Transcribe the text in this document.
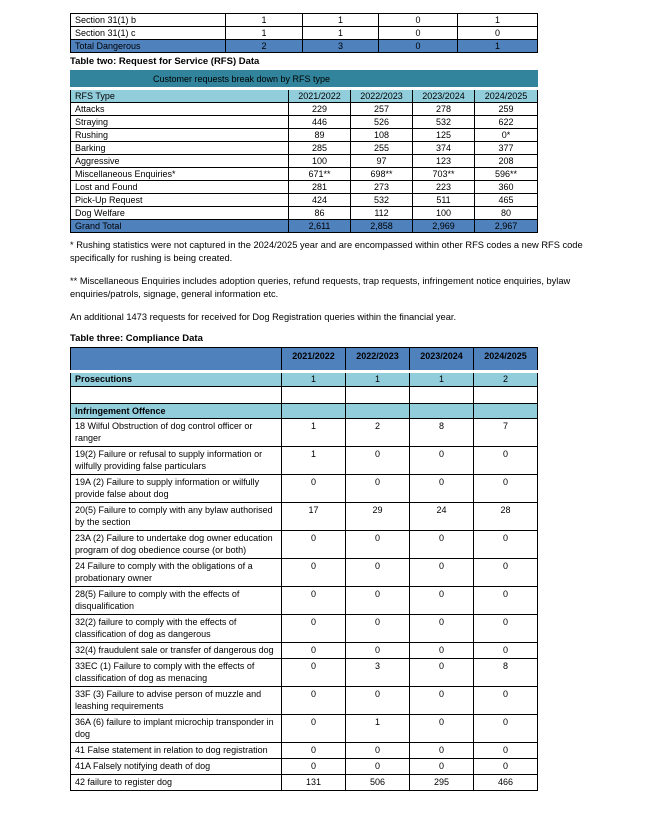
Section 31(1) b	1	1	0	1
Section 31(1) c	1	1	0	0
Total Dangerous	2	3	0	1
Table two: Request for Service (RFS) Data
Customer requests break down by RFS type				
RFS Type	2021/2022	2022/2023	2023/2024	2024/2025
Attacks	229	257	278	259
Straying	446	526	532	622
Rushing	89	108	125	0*
Barking	285	255	374	377
Aggressive	100	97	123	208
Miscellaneous Enquiries*	671**	698**	703**	596**
Lost and Found	281	273	223	360
Pick-Up Request	424	532	511	465
Dog Welfare	86	112	100	80
Grand Total	2,611	2,858	2,969	2,967

* Rushing statistics were not captured in the 2024/2025 year and are encompassed within other RFS codes a new RFS code specifically for rushing is being created.

** Miscellaneous Enquiries includes adoption queries, refund requests, trap requests, infringement notice enquiries, bylaw enquiries/patrols, signage, general information etc.

An additional 1473 requests for received for Dog Registration queries within the financial year.

Table three: Compliance Data
	2021/2022	2022/2023	2023/2024	2024/2025
Prosecutions	1	1	1	2

Infringement Offence				
18 Wilful Obstruction of dog control officer or ranger	1	2	8	7
19(2) Failure or refusal to supply information or wilfully providing false particulars	1	0	0	0
19A (2) Failure to supply information or wilfully provide false about dog	0	0	0	0
20(5) Failure to comply with any bylaw authorised by the section	17	29	24	28
23A (2) Failure to undertake dog owner education program of dog obedience course (or both)	0	0	0	0
24 Failure to comply with the obligations of a probationary owner	0	0	0	0
28(5) Failure to comply with the effects of disqualification	0	0	0	0
32(2) failure to comply with the effects of classification of dog as dangerous	0	0	0	0
32(4) fraudulent sale or transfer of dangerous dog	0	0	0	0
33EC (1) Failure to comply with the effects of classification of dog as menacing	0	3	0	8
33F (3) Failure to advise person of muzzle and leashing requirements	0	0	0	0
36A (6) failure to implant microchip transponder in dog	0	1	0	0
41 False statement in relation to dog registration	0	0	0	0
41A Falsely notifying death of dog	0	0	0	0
42 failure to register dog	131	506	295	466
